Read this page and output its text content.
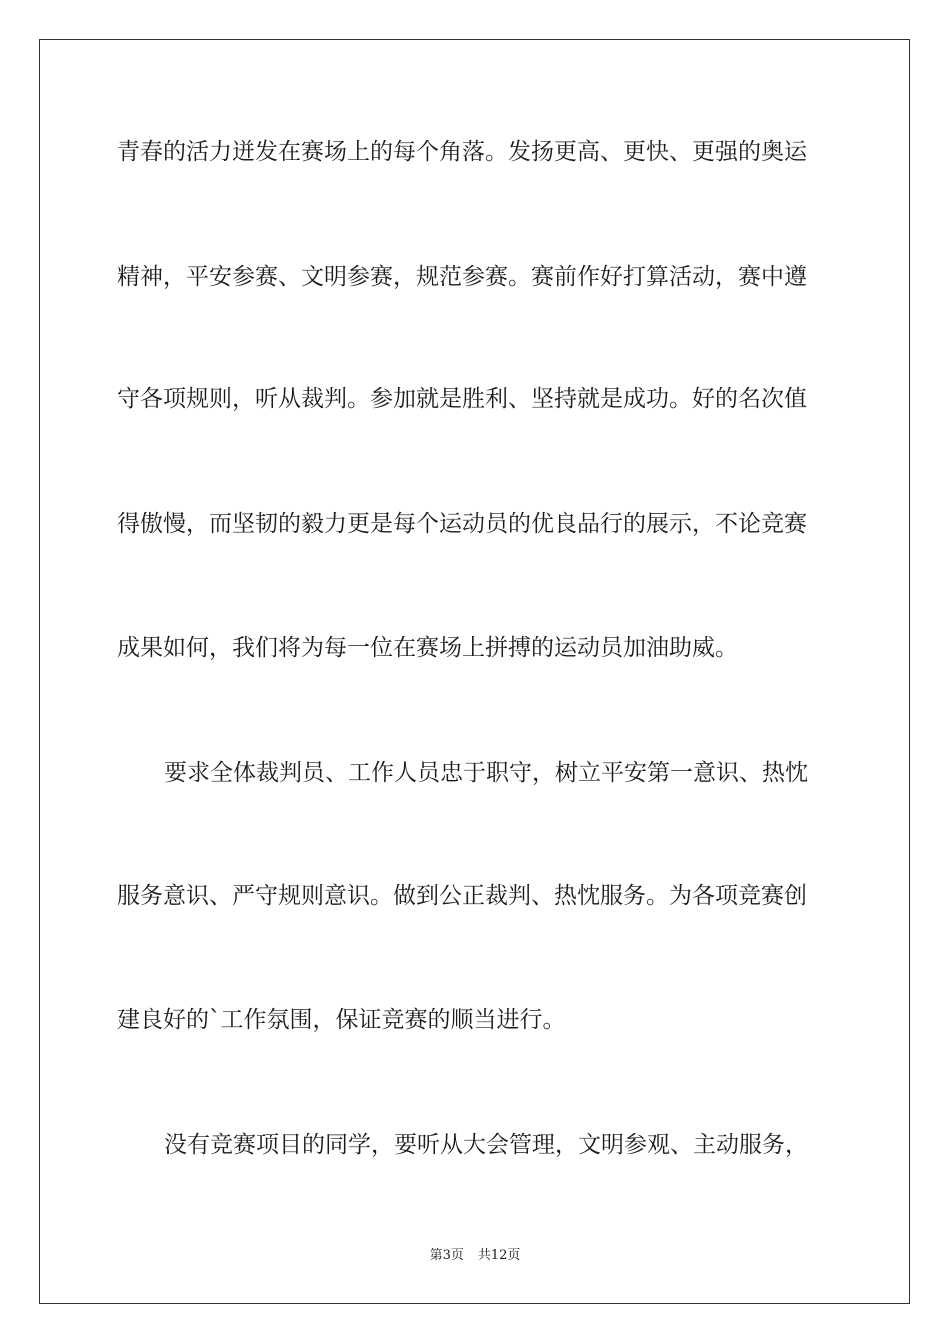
青春的活力迸发在赛场上的每个角落。发扬更高、更快、更强的奥运
精神，平安参赛、文明参赛，规范参赛。赛前作好打算活动，赛中遵
守各项规则，听从裁判。参加就是胜利、坚持就是成功。好的名次值
得傲慢，而坚韧的毅力更是每个运动员的优良品行的展示，不论竞赛
成果如何，我们将为每一位在赛场上拼搏的运动员加油助威。
要求全体裁判员、工作人员忠于职守，树立平安第一意识、热忱
服务意识、严守规则意识。做到公正裁判、热忱服务。为各项竞赛创
建良好的`工作氛围，保证竞赛的顺当进行。
没有竞赛项目的同学，要听从大会管理，文明参观、主动服务，
第3页 共12页
